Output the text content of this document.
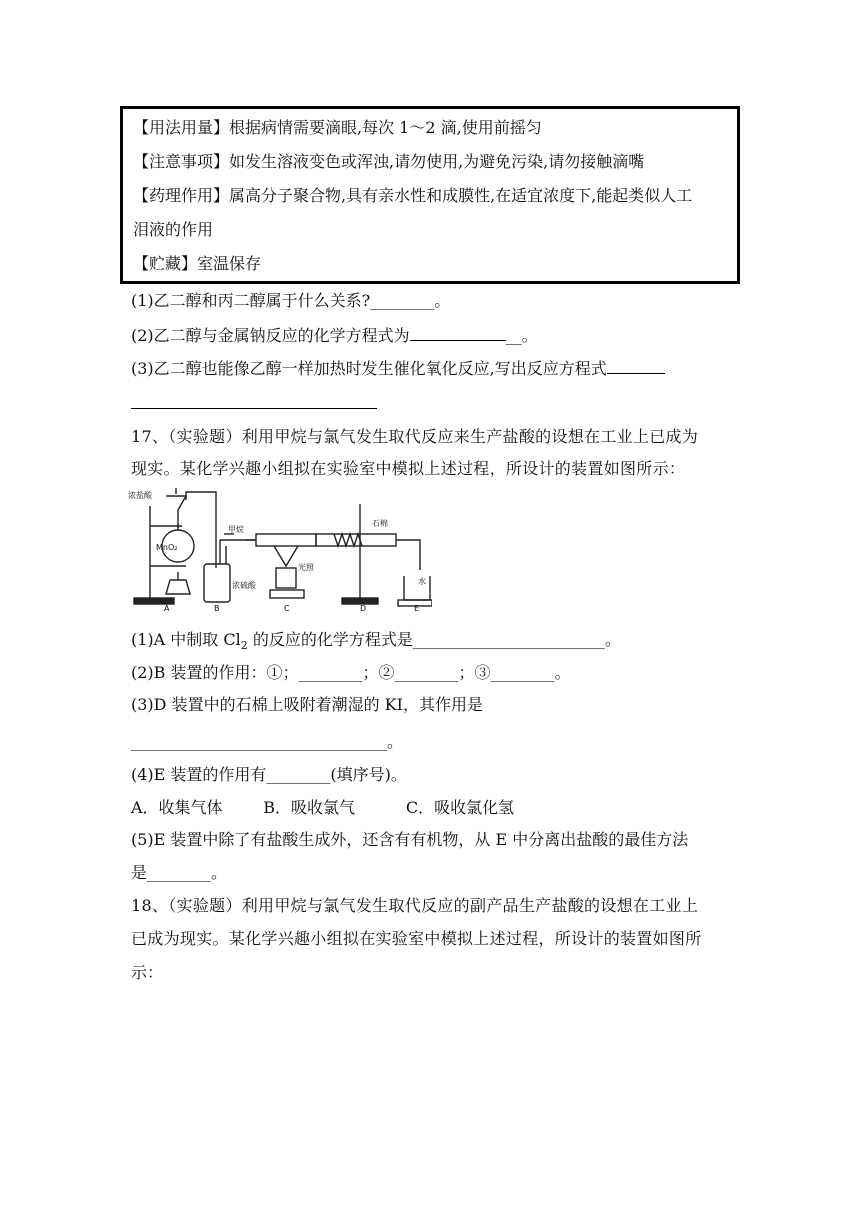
【用法用量】根据病情需要滴眼,每次 1～2 滴,使用前摇匀
【注意事项】如发生溶液变色或浑浊,请勿使用,为避免污染,请勿接触滴嘴
【药理作用】属高分子聚合物,具有亲水性和成膜性,在适宜浓度下,能起类似人工
泪液的作用
【贮藏】室温保存
(1)乙二醇和丙二醇属于什么关系?________。
(2)乙二醇与金属钠反应的化学方程式为	__。
(3)乙二醇也能像乙醇一样加热时发生催化氧化反应,写出反应方程式
17、（实验题）利用甲烷与氯气发生取代反应来生产盐酸的设想在工业上已成为
现实。某化学兴趣小组拟在实验室中模拟上述过程，所设计的装置如图所示：
浓盐酸
甲烷
MnO₂
浓硫酸
光照
石棉
水
A	B	C	D	E
(1)A 中制取 $Cl_2$ 的反应的化学方程式是________________________。
(2)B 装置的作用：①；________；②________；③________。
(3)D 装置中的石棉上吸附着潮湿的 KI，其作用是
________________________________。
(4)E 装置的作用有________(填序号)。
A．收集气体        B．吸收氯气          C．吸收氯化氢
(5)E 装置中除了有盐酸生成外，还含有有机物，从 E 中分离出盐酸的最佳方法
是________。
18、（实验题）利用甲烷与氯气发生取代反应的副产品生产盐酸的设想在工业上
已成为现实。某化学兴趣小组拟在实验室中模拟上述过程，所设计的装置如图所
示：
